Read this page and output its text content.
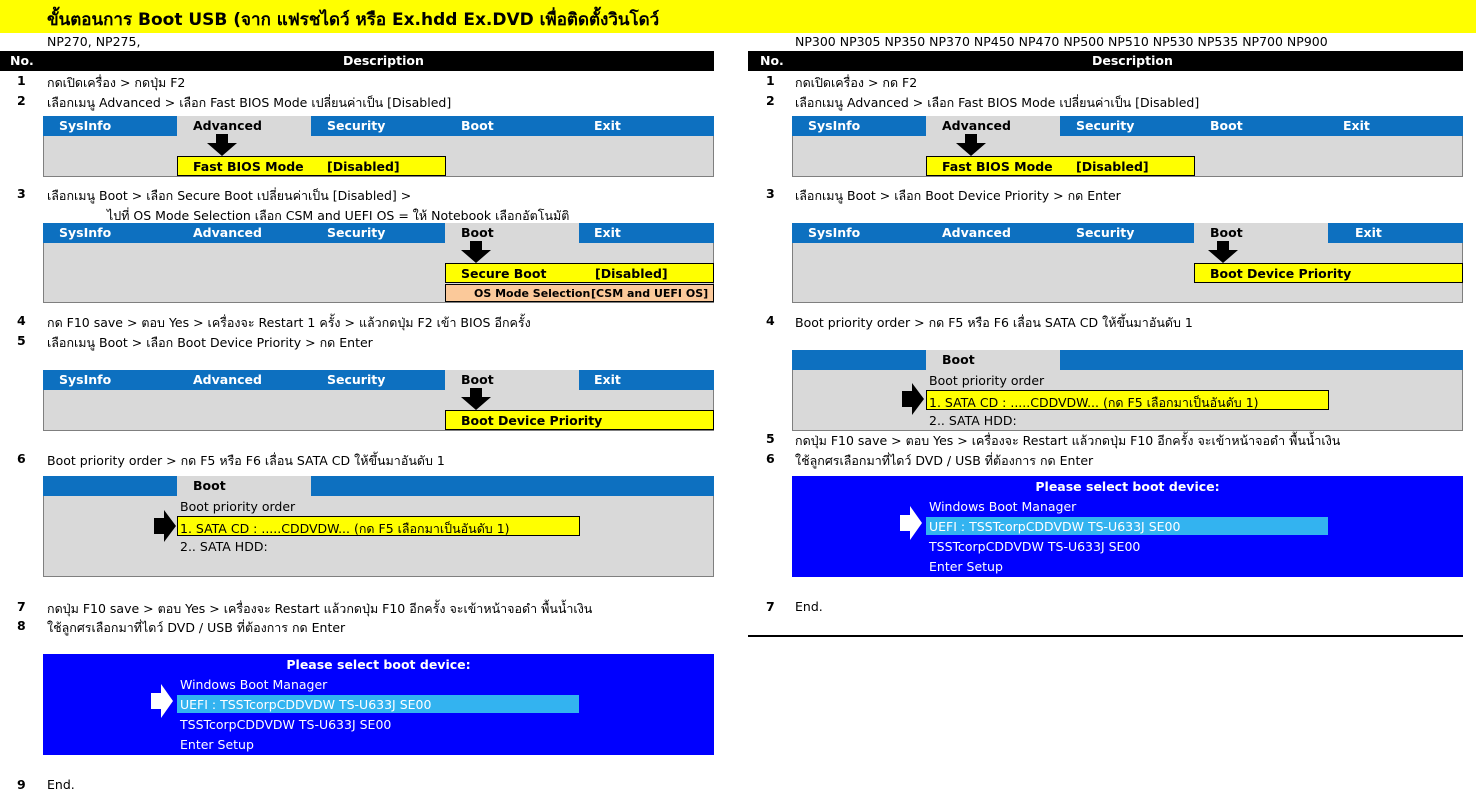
ขั้นตอนการ Boot USB (จาก แฟรชไดว์ หรือ Ex.hdd Ex.DVD เพื่อติดตั้งวินโดว์
NP270, NP275,	NP300 NP305 NP350 NP370 NP450 NP470 NP500 NP510 NP530 NP535 NP700 NP900
No.	Description	No.	Description
1 กดเปิดเครื่อง > กดปุ่ม F2
2 เลือกเมนู Advanced > เลือก Fast BIOS Mode เปลี่ยนค่าเป็น [Disabled]
SysInfo	Advanced	Security	Boot	Exit
Fast BIOS Mode [Disabled]
3 เลือกเมนู Boot > เลือก Secure Boot เปลี่ยนค่าเป็น [Disabled] >
ไปที่ OS Mode Selection เลือก CSM and UEFI OS = ให้ Notebook เลือกอัตโนมัติ
SysInfo	Advanced	Security	Boot	Exit
Secure Boot	[Disabled]
OS Mode Selection [CSM and UEFI OS]
4 กด F10 save > ตอบ Yes > เครื่องจะ Restart 1 ครั้ง > แล้วกดปุ่ม F2 เข้า BIOS อีกครั้ง
5 เลือกเมนู Boot > เลือก Boot Device Priority > กด Enter
SysInfo	Advanced	Security	Boot	Exit
Boot Device Priority
6 Boot priority order > กด F5 หรือ F6 เลื่อน SATA CD ให้ขึ้นมาอันดับ 1
Boot
Boot priority order
1. SATA CD : .....CDDVDW... (กด F5 เลือกมาเป็นอันดับ 1)
2.. SATA HDD:
7 กดปุ่ม F10 save > ตอบ Yes > เครื่องจะ Restart แล้วกดปุ่ม F10 อีกครั้ง จะเข้าหน้าจอดำ พื้นน้ำเงิน
8 ใช้ลูกศรเลือกมาที่ไดว์ DVD / USB ที่ต้องการ กด Enter
Please select boot device:
Windows Boot Manager
UEFI : TSSTcorpCDDVDW TS-U633J SE00
TSSTcorpCDDVDW TS-U633J SE00
Enter Setup
9 End.
1 กดเปิดเครื่อง > กด F2
2 เลือกเมนู Advanced > เลือก Fast BIOS Mode เปลี่ยนค่าเป็น [Disabled]
SysInfo	Advanced	Security	Boot	Exit
Fast BIOS Mode [Disabled]
3 เลือกเมนู Boot > เลือก Boot Device Priority > กด Enter
SysInfo	Advanced	Security	Boot	Exit
Boot Device Priority
4 Boot priority order > กด F5 หรือ F6 เลื่อน SATA CD ให้ขึ้นมาอันดับ 1
Boot
Boot priority order
1. SATA CD : .....CDDVDW... (กด F5 เลือกมาเป็นอันดับ 1)
2.. SATA HDD:
5 กดปุ่ม F10 save > ตอบ Yes > เครื่องจะ Restart แล้วกดปุ่ม F10 อีกครั้ง จะเข้าหน้าจอดำ พื้นน้ำเงิน
6 ใช้ลูกศรเลือกมาที่ไดว์ DVD / USB ที่ต้องการ กด Enter
Please select boot device:
Windows Boot Manager
UEFI : TSSTcorpCDDVDW TS-U633J SE00
TSSTcorpCDDVDW TS-U633J SE00
Enter Setup
7 End.
